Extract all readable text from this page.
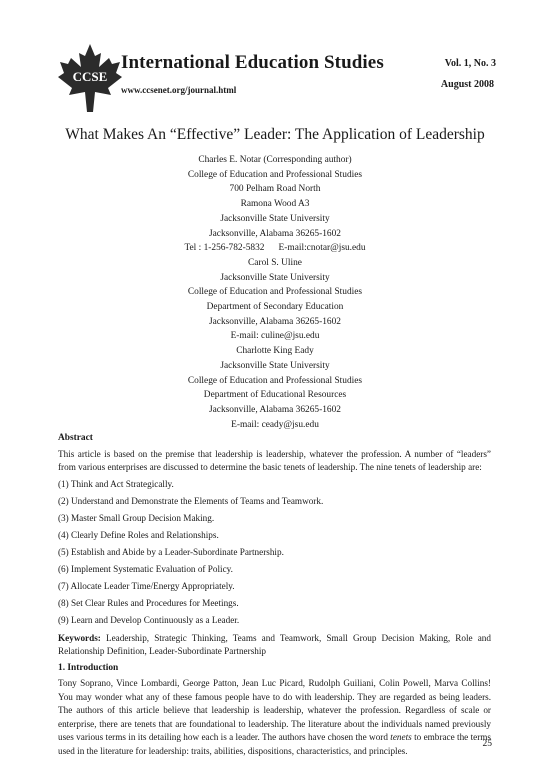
CCSE
International Education Studies
www.ccsenet.org/journal.html
Vol. 1, No. 3
August 2008
What Makes An “Effective” Leader: The Application of Leadership
Charles E. Notar (Corresponding author)
College of Education and Professional Studies
700 Pelham Road North
Ramona Wood A3
Jacksonville State University
Jacksonville, Alabama 36265-1602
Tel : 1-256-782-5832      E-mail:cnotar@jsu.edu
Carol S. Uline
Jacksonville State University
College of Education and Professional Studies
Department of Secondary Education
Jacksonville, Alabama 36265-1602
E-mail: culine@jsu.edu
Charlotte King Eady
Jacksonville State University
College of Education and Professional Studies
Department of Educational Resources
Jacksonville, Alabama 36265-1602
E-mail: ceady@jsu.edu
Abstract
This article is based on the premise that leadership is leadership, whatever the profession. A number of “leaders” from various enterprises are discussed to determine the basic tenets of leadership. The nine tenets of leadership are:
(1) Think and Act Strategically.
(2) Understand and Demonstrate the Elements of Teams and Teamwork.
(3) Master Small Group Decision Making.
(4) Clearly Define Roles and Relationships.
(5) Establish and Abide by a Leader-Subordinate Partnership.
(6) Implement Systematic Evaluation of Policy.
(7) Allocate Leader Time/Energy Appropriately.
(8) Set Clear Rules and Procedures for Meetings.
(9) Learn and Develop Continuously as a Leader.
Keywords: Leadership, Strategic Thinking, Teams and Teamwork, Small Group Decision Making, Role and Relationship Definition, Leader-Subordinate Partnership
1. Introduction
Tony Soprano, Vince Lombardi, George Patton, Jean Luc Picard, Rudolph Guiliani, Colin Powell, Marva Collins! You may wonder what any of these famous people have to do with leadership. They are regarded as being leaders. The authors of this article believe that leadership is leadership, whatever the profession. Regardless of scale or enterprise, there are tenets that are foundational to leadership. The literature about the individuals named previously uses various terms in its detailing how each is a leader. The authors have chosen the word tenets to embrace the terms used in the literature for leadership: traits, abilities, dispositions, characteristics, and principles.
25
